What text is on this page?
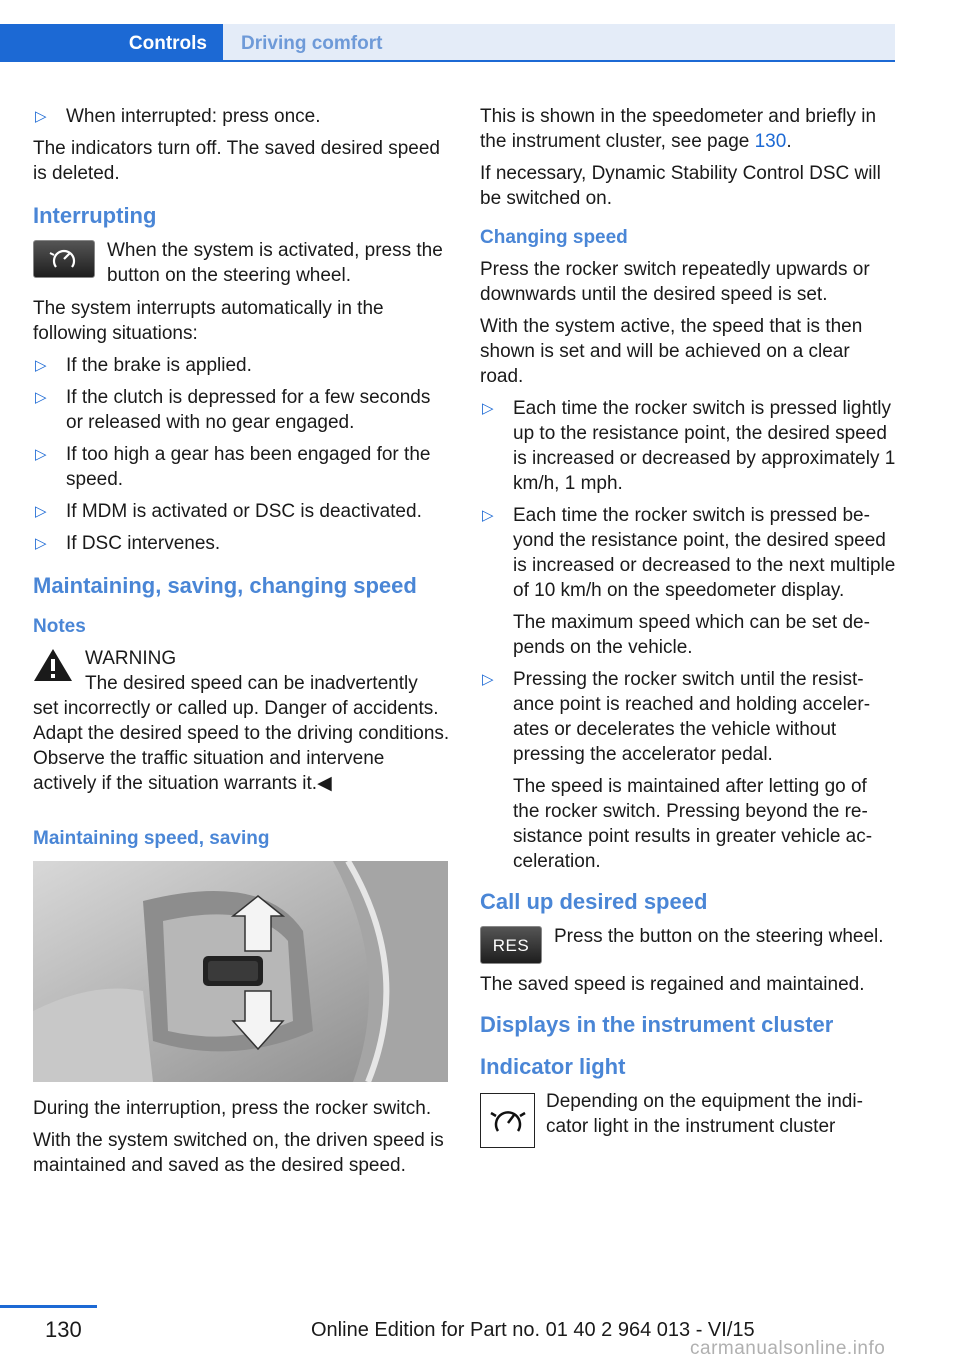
Controls	Driving comfort
▷ When interrupted: press once.

The indicators turn off. The saved desired speed is deleted.

Interrupting
When the system is activated, press the button on the steering wheel.

The system interrupts automatically in the following situations:

▷ If the brake is applied.
▷ If the clutch is depressed for a few seconds or released with no gear engaged.
▷ If too high a gear has been engaged for the speed.
▷ If MDM is activated or DSC is deactivated.
▷ If DSC intervenes.
Maintaining, saving, changing speed
Notes

WARNING

The desired speed can be inadvertently

set incorrectly or called up. Danger of accidents. Adapt the desired speed to the driving conditions. Observe the traffic situation and intervene actively if the situation warrants it.◀

Maintaining speed, saving

During the interruption, press the rocker switch.

With the system switched on, the driven speed is maintained and saved as the desired speed.

This is shown in the speedometer and briefly in the instrument cluster, see page 130.

If necessary, Dynamic Stability Control DSC will be switched on.

Changing speed

Press the rocker switch repeatedly upwards or downwards until the desired speed is set.

With the system active, the speed that is then shown is set and will be achieved on a clear road.

▷ Each time the rocker switch is pressed lightly up to the resistance point, the desired speed is increased or decreased by approximately 1 km/h, 1 mph.
▷ Each time the rocker switch is pressed beyond the resistance point, the desired speed is increased or decreased to the next multiple of 10 km/h on the speedometer display.
The maximum speed which can be set depends on the vehicle.
▷ Pressing the rocker switch until the resistance point is reached and holding accelerates or decelerates the vehicle without pressing the accelerator pedal.
The speed is maintained after letting go of the rocker switch. Pressing beyond the resistance point results in greater vehicle acceleration.
Call up desired speed
RES	Press the button on the steering wheel.

The saved speed is regained and maintained.

Displays in the instrument cluster
Indicator light
Depending on the equipment the indicator light in the instrument cluster
130	Online Edition for Part no. 01 40 2 964 013 - VI/15
carmanualsonline.info
